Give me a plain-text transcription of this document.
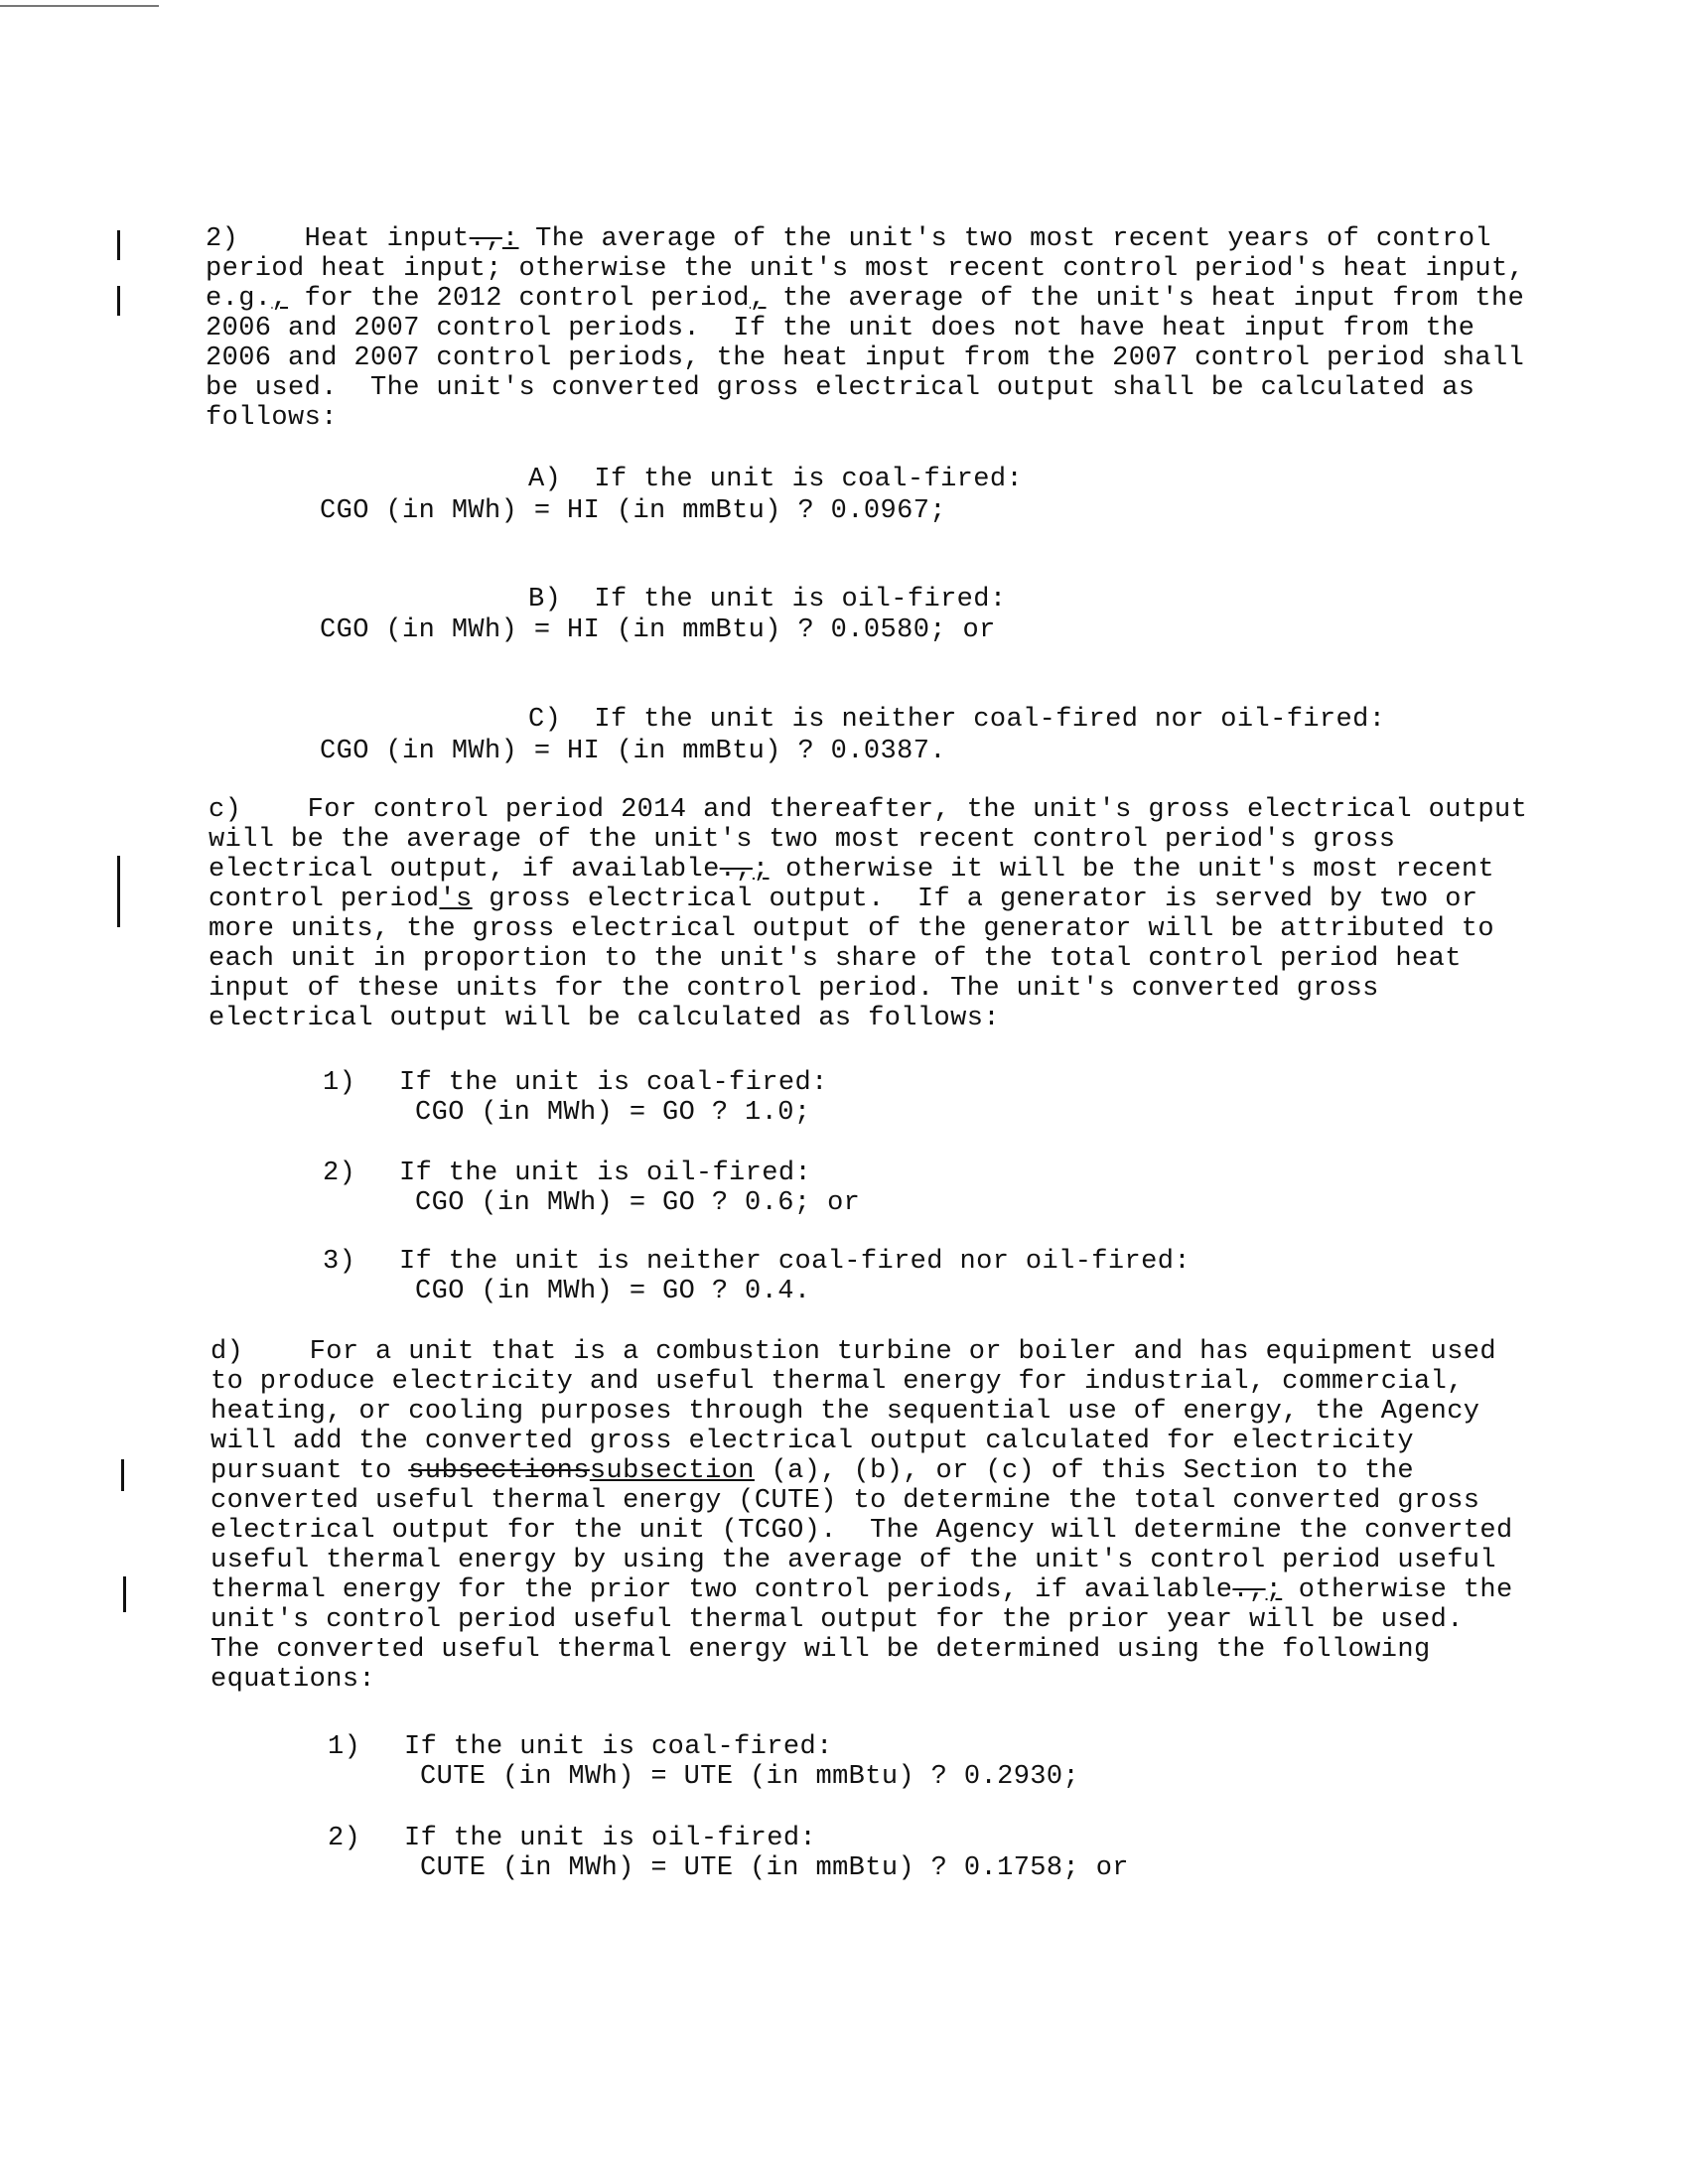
2)    Heat input.,: The average of the unit's two most recent years of control
period heat input; otherwise the unit's most recent control period's heat input,
e.g., for the 2012 control period, the average of the unit's heat input from the
2006 and 2007 control periods.  If the unit does not have heat input from the
2006 and 2007 control periods, the heat input from the 2007 control period shall
be used.  The unit's converted gross electrical output shall be calculated as
follows:
A)  If the unit is coal-fired:
CGO (in MWh) = HI (in mmBtu) ? 0.0967;
B)  If the unit is oil-fired:
CGO (in MWh) = HI (in mmBtu) ? 0.0580; or
C)  If the unit is neither coal-fired nor oil-fired:
CGO (in MWh) = HI (in mmBtu) ? 0.0387.
c)    For control period 2014 and thereafter, the unit's gross electrical output
will be the average of the unit's two most recent control period's gross
electrical output, if available.,; otherwise it will be the unit's most recent
control period's gross electrical output.  If a generator is served by two or
more units, the gross electrical output of the generator will be attributed to
each unit in proportion to the unit's share of the total control period heat
input of these units for the control period. The unit's converted gross
electrical output will be calculated as follows:
1) If the unit is coal-fired:
CGO (in MWh) = GO ? 1.0;
2) If the unit is oil-fired:
CGO (in MWh) = GO ? 0.6; or
3) If the unit is neither coal-fired nor oil-fired:
CGO (in MWh) = GO ? 0.4.
d)    For a unit that is a combustion turbine or boiler and has equipment used
to produce electricity and useful thermal energy for industrial, commercial,
heating, or cooling purposes through the sequential use of energy, the Agency
will add the converted gross electrical output calculated for electricity
pursuant to subsectionssubsection (a), (b), or (c) of this Section to the
converted useful thermal energy (CUTE) to determine the total converted gross
electrical output for the unit (TCGO).  The Agency will determine the converted
useful thermal energy by using the average of the unit's control period useful
thermal energy for the prior two control periods, if available.,; otherwise the
unit's control period useful thermal output for the prior year will be used.
The converted useful thermal energy will be determined using the following
equations:
1) If the unit is coal-fired:
CUTE (in MWh) = UTE (in mmBtu) ? 0.2930;
2) If the unit is oil-fired:
CUTE (in MWh) = UTE (in mmBtu) ? 0.1758; or
